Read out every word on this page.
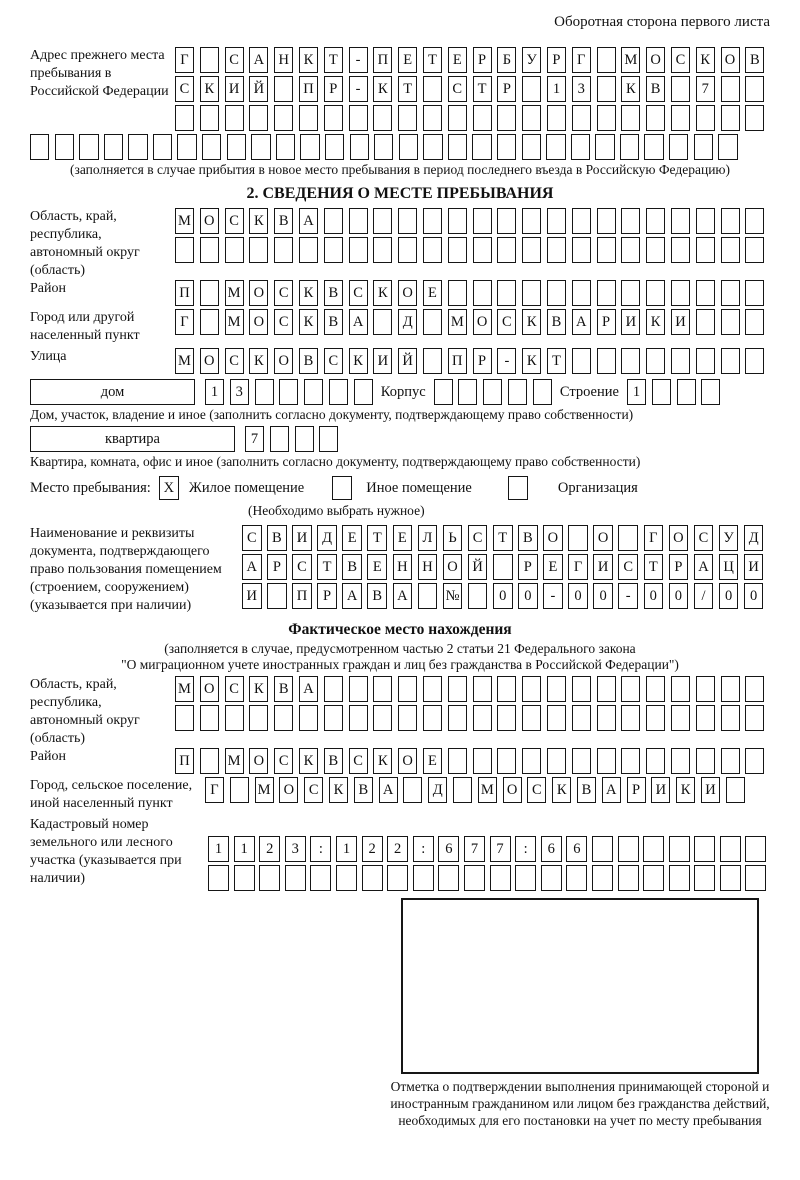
Оборотная сторона первого листа
Адрес прежнего места пребывания в Российской Федерации
Г	С	А Н	К	Т	-	П	Е	Т	Е	Р	Б	У	Р	Г	М О	С	К	О	В
С	К	И Й	П	Р	-	К	Т	С	Т	Р	1	3	К	В	7
(заполняется в случае прибытия в новое место пребывания в период последнего въезда в Российскую Федерацию)
2. СВЕДЕНИЯ О МЕСТЕ ПРЕБЫВАНИЯ
Область, край, республика, автономный округ (область)
М О	С	К	В	А
Район	П	М О	С	К	В	С	К	О	Е
Город или другой населенный пункт
Г	М О	С	К	В	А	Д	М О	С	К	В	А	Р	И	К	И
Улица	М О	С	К	О	В	С	К	И Й	П	Р	-	К	Т
дом	1	3	Корпус	Строение 1
Дом, участок, владение и иное (заполнить согласно документу, подтверждающему право собственности)
квартира	7
Квартира, комната, офис и иное (заполнить согласно документу, подтверждающему право собственности)
Место пребывания: X	Жилое помещение	Иное помещение	Организация
(Необходимо выбрать нужное)
Наименование и реквизиты документа, подтверждающего право пользования помещением (строением, сооружением) (указывается при наличии)
С	В	И	Д	Е	Т	Е	Л	Ь	С	Т	В	О	О	Г	О	С	У	Д
А	Р	С	Т	В	Е	Н	Н	О	Й	Р	Е	Г	И	С	Т	Р	А	Ц	И
И	П	Р	А	В	А	№	0	0	-	0	0	-	0	0	/	0	0
Фактическое место нахождения
(заполняется в случае, предусмотренном частью 2 статьи 21 Федерального закона
"О миграционном учете иностранных граждан и лиц без гражданства в Российской Федерации")
Область, край, республика, автономный округ (область)
М О	С	К	В	А
Район	П	М О	С	К	В	С	К	О	Е
Город, сельское поселение, иной населенный пункт
Г	М О	С	К	В	А	Д	М О	С	К	В	А	Р	И	К	И
Кадастровый номер земельного или лесного участка (указывается при наличии)
1	1	2	3	:	1	2	2	:	6	7	7	:	6	6
Отметка о подтверждении выполнения принимающей стороной и иностранным гражданином или лицом без гражданства действий, необходимых для его постановки на учет по месту пребывания
